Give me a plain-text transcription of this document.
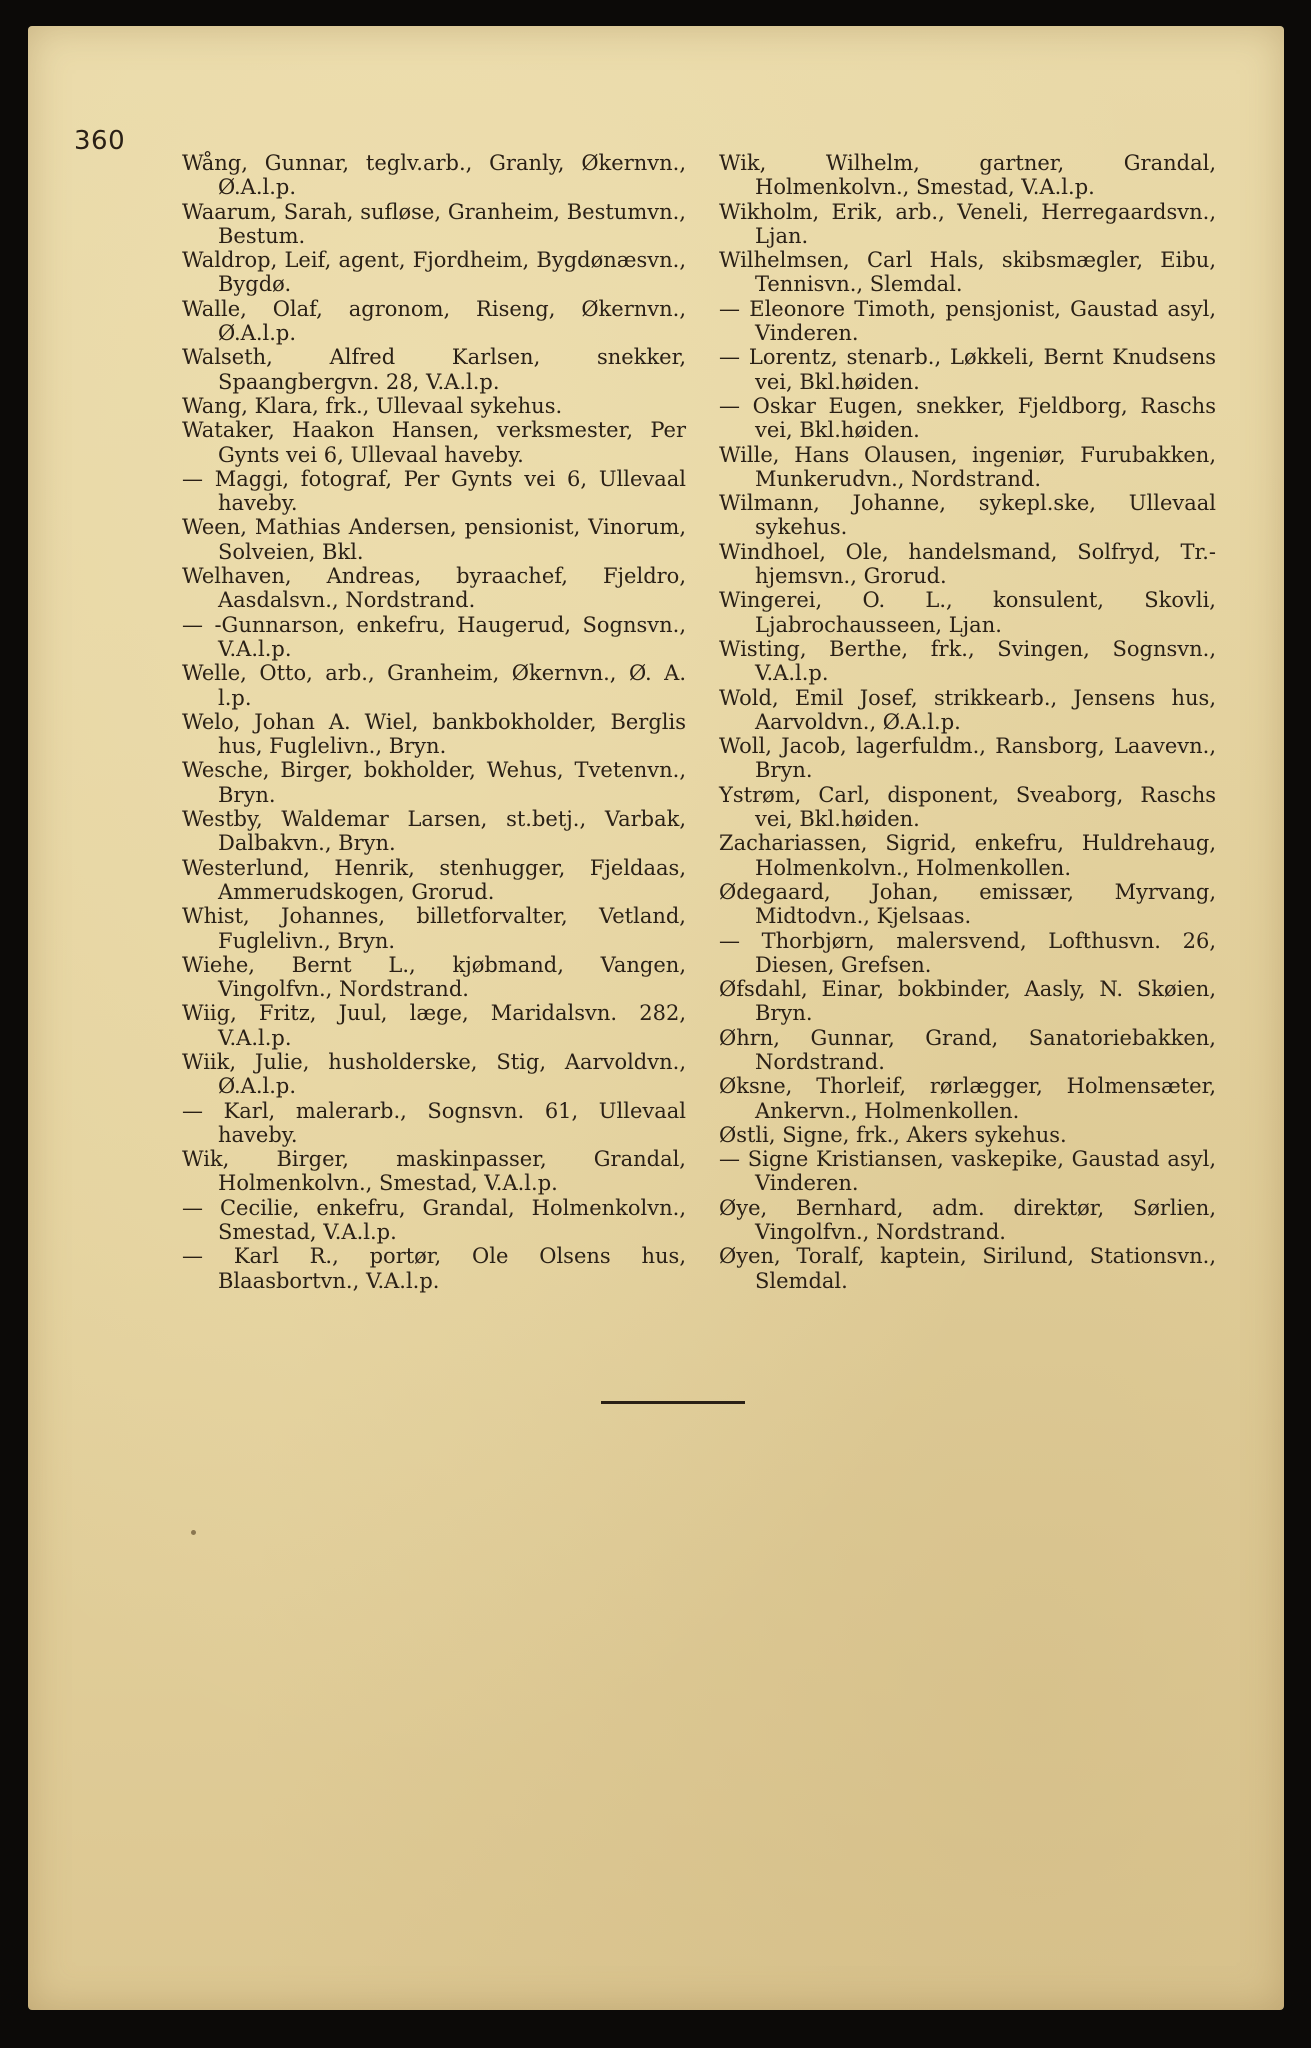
360

Wång, Gunnar, teglv.arb., Granly, Økernvn., Ø.A.l.p.

Waarum, Sarah, sufløse, Granheim, Bestumvn., Bestum.

Waldrop, Leif, agent, Fjordheim, Bygdønæsvn., Bygdø.

Walle, Olaf, agronom, Riseng, Økernvn., Ø.A.l.p.

Walseth, Alfred Karlsen, snekker, Spaangbergvn. 28, V.A.l.p.

Wang, Klara, frk., Ullevaal sykehus.

Wataker, Haakon Hansen, verksmester, Per Gynts vei 6, Ullevaal haveby.

— Maggi, fotograf, Per Gynts vei 6, Ullevaal haveby.

Ween, Mathias Andersen, pensionist, Vinorum, Solveien, Bkl.

Welhaven, Andreas, byraachef, Fjeldro, Aasdalsvn., Nordstrand.

— -Gunnarson, enkefru, Haugerud, Sognsvn., V.A.l.p.

Welle, Otto, arb., Granheim, Økernvn., Ø. A. l.p.

Welo, Johan A. Wiel, bankbokholder, Berglis hus, Fuglelivn., Bryn.

Wesche, Birger, bokholder, Wehus, Tvetenvn., Bryn.

Westby, Waldemar Larsen, st.betj., Varbak, Dalbakvn., Bryn.

Westerlund, Henrik, stenhugger, Fjeldaas, Ammerudskogen, Grorud.

Whist, Johannes, billetforvalter, Vetland, Fuglelivn., Bryn.

Wiehe, Bernt L., kjøbmand, Vangen, Vingolfvn., Nordstrand.

Wiig, Fritz, Juul, læge, Maridalsvn. 282, V.A.l.p.

Wiik, Julie, husholderske, Stig, Aarvoldvn., Ø.A.l.p.

— Karl, malerarb., Sognsvn. 61, Ullevaal haveby.

Wik, Birger, maskinpasser, Grandal, Holmenkolvn., Smestad, V.A.l.p.

— Cecilie, enkefru, Grandal, Holmenkolvn., Smestad, V.A.l.p.

— Karl R., portør, Ole Olsens hus, Blaasbortvn., V.A.l.p.

Wik, Wilhelm, gartner, Grandal, Holmenkolvn., Smestad, V.A.l.p.

Wikholm, Erik, arb., Veneli, Herregaardsvn., Ljan.

Wilhelmsen, Carl Hals, skibsmægler, Eibu, Tennisvn., Slemdal.

— Eleonore Timoth, pensjonist, Gaustad asyl, Vinderen.

— Lorentz, stenarb., Løkkeli, Bernt Knudsens vei, Bkl.høiden.

— Oskar Eugen, snekker, Fjeldborg, Raschs vei, Bkl.høiden.

Wille, Hans Olausen, ingeniør, Furubakken, Munkerudvn., Nordstrand.

Wilmann, Johanne, sykepl.ske, Ullevaal sykehus.

Windhoel, Ole, handelsmand, Solfryd, Tr.-hjemsvn., Grorud.

Wingerei, O. L., konsulent, Skovli, Ljabrochausseen, Ljan.

Wisting, Berthe, frk., Svingen, Sognsvn., V.A.l.p.

Wold, Emil Josef, strikkearb., Jensens hus, Aarvoldvn., Ø.A.l.p.

Woll, Jacob, lagerfuldm., Ransborg, Laavevn., Bryn.

Ystrøm, Carl, disponent, Sveaborg, Raschs vei, Bkl.høiden.

Zachariassen, Sigrid, enkefru, Huldrehaug, Holmenkolvn., Holmenkollen.

Ødegaard, Johan, emissær, Myrvang, Midtodvn., Kjelsaas.

— Thorbjørn, malersvend, Lofthusvn. 26, Diesen, Grefsen.

Øfsdahl, Einar, bokbinder, Aasly, N. Skøien, Bryn.

Øhrn, Gunnar, Grand, Sanatoriebakken, Nordstrand.

Øksne, Thorleif, rørlægger, Holmensæter, Ankervn., Holmenkollen.

Østli, Signe, frk., Akers sykehus.

— Signe Kristiansen, vaskepike, Gaustad asyl, Vinderen.

Øye, Bernhard, adm. direktør, Sørlien, Vingolfvn., Nordstrand.

Øyen, Toralf, kaptein, Sirilund, Stationsvn., Slemdal.
